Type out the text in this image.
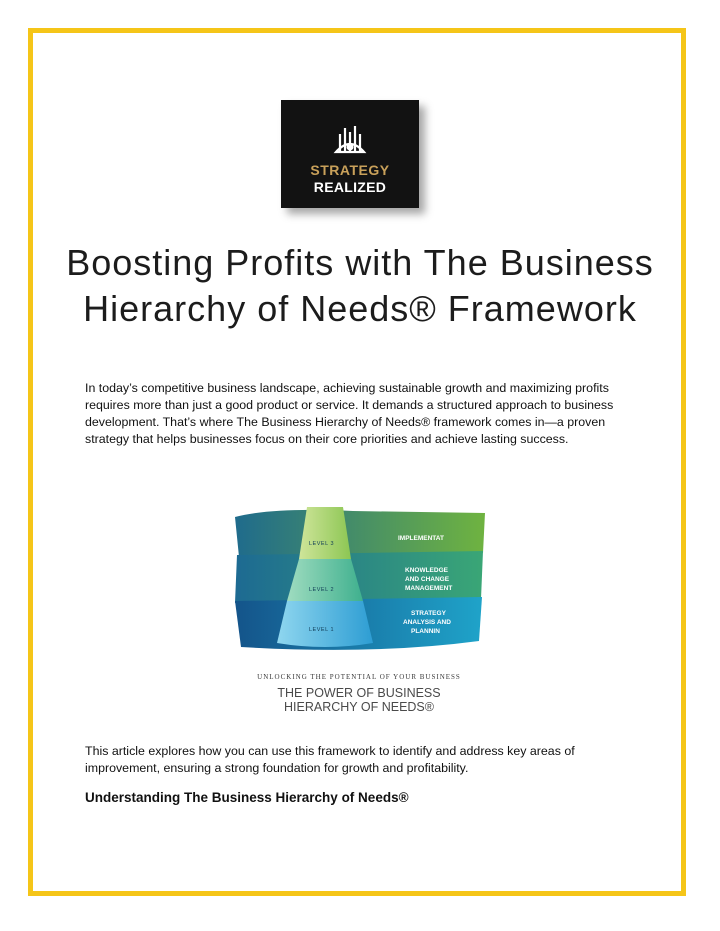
STRATEGY
REALIZED
Boosting Profits with The Business Hierarchy of Needs® Framework

In today’s competitive business landscape, achieving sustainable growth and maximizing profits requires more than just a good product or service. It demands a structured approach to business development. That’s where The Business Hierarchy of Needs® framework comes in—a proven strategy that helps businesses focus on their core priorities and achieve lasting success.

LEVEL 3
LEVEL 2
LEVEL 1
IMPLEMENTAT
KNOWLEDGE
AND CHANGE
MANAGEMENT
STRATEGY
ANALYSIS AND
PLANNIN
UNLOCKING THE POTENTIAL OF YOUR BUSINESS
THE POWER OF BUSINESS
HIERARCHY OF NEEDS®

This article explores how you can use this framework to identify and address key areas of improvement, ensuring a strong foundation for growth and profitability.

Understanding The Business Hierarchy of Needs®
